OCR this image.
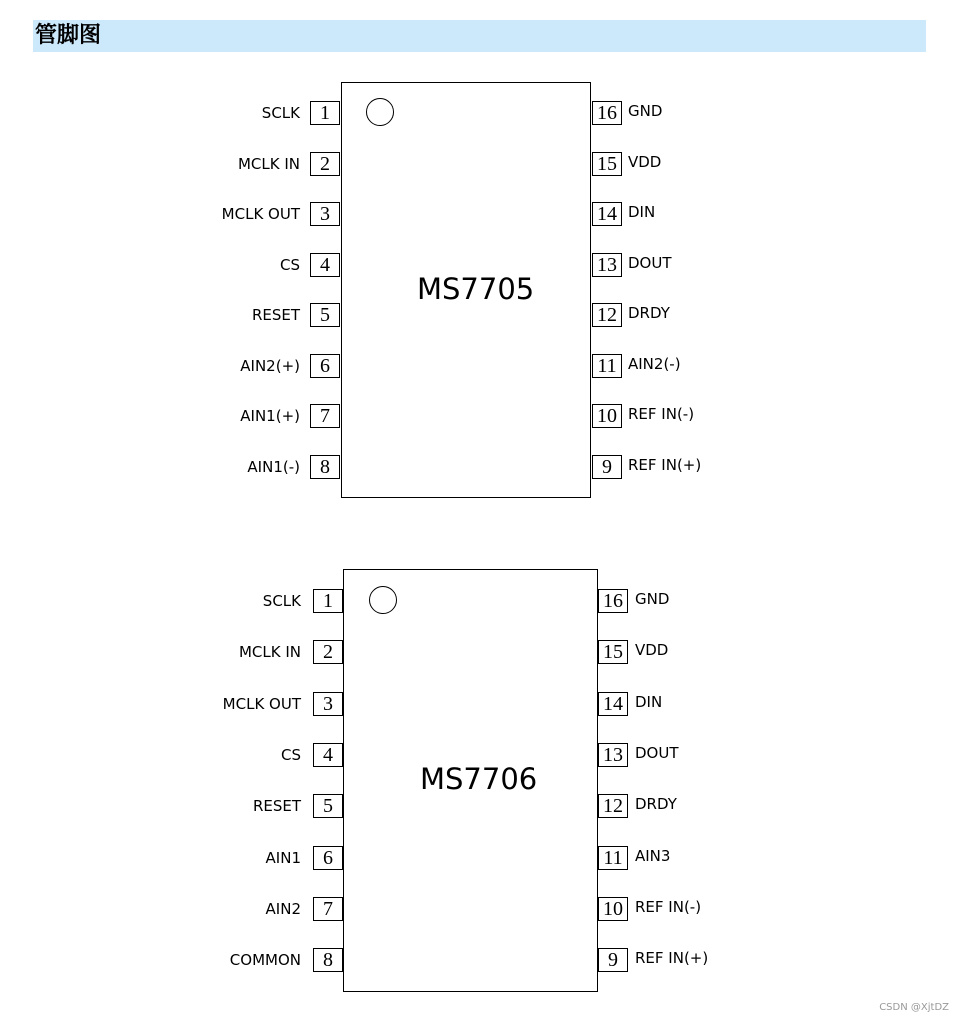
管脚图
MS7705
1
SCLK
2
MCLK IN
3
MCLK OUT
4
CS
5
RESET
6
AIN2(+)
7
AIN1(+)
8
AIN1(-)
16 GND
15 VDD
14 DIN
13 DOUT
12 DRDY
11 AIN2(-)
10 REF IN(-)
9	REF IN(+)
MS7706
1
SCLK
2
MCLK IN
3
MCLK OUT
4
CS
5
RESET
6
AIN1
7
AIN2
8
COMMON
16 GND
15 VDD
14 DIN
13 DOUT
12 DRDY
11 AIN3
10 REF IN(-)
9	REF IN(+)
CSDN @XjtDZ
